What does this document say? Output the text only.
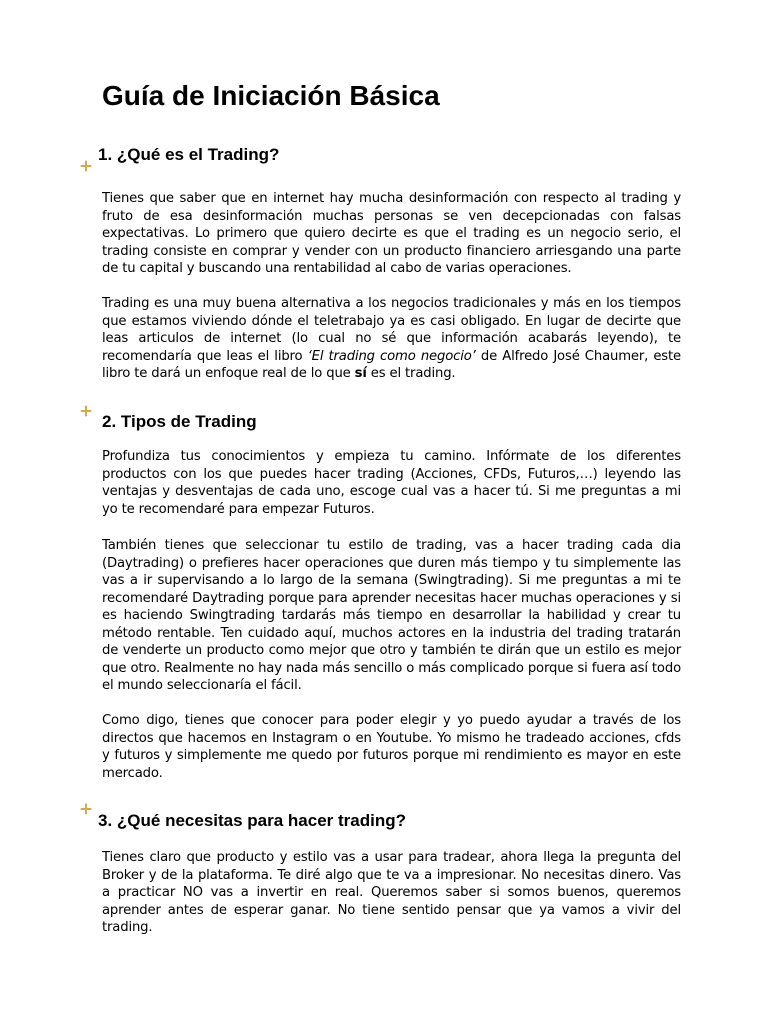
Guía de Iniciación Básica
1. ¿Qué es el Trading?

Tienes que saber que en internet hay mucha desinformación con respecto al trading y fruto de esa desinformación muchas personas se ven decepcionadas con falsas expectativas. Lo primero que quiero decirte es que el trading es un negocio serio, el trading consiste en comprar y vender con un producto financiero arriesgando una parte de tu capital y buscando una rentabilidad al cabo de varias operaciones.

Trading es una muy buena alternativa a los negocios tradicionales y más en los tiempos que estamos viviendo dónde el teletrabajo ya es casi obligado. En lugar de decirte que leas articulos de internet (lo cual no sé que información acabarás leyendo), te recomendaría que leas el libro ‘El trading como negocio’ de Alfredo José Chaumer, este libro te dará un enfoque real de lo que sí es el trading.

2. Tipos de Trading

Profundiza tus conocimientos y empieza tu camino. Infórmate de los diferentes productos con los que puedes hacer trading (Acciones, CFDs, Futuros,…) leyendo las ventajas y desventajas de cada uno, escoge cual vas a hacer tú. Si me preguntas a mi yo te recomendaré para empezar Futuros.

También tienes que seleccionar tu estilo de trading, vas a hacer trading cada dia (Daytrading) o prefieres hacer operaciones que duren más tiempo y tu simplemente las vas a ir supervisando a lo largo de la semana (Swingtrading). Si me preguntas a mi te recomendaré Daytrading porque para aprender necesitas hacer muchas operaciones y si es haciendo Swingtrading tardarás más tiempo en desarrollar la habilidad y crear tu método rentable. Ten cuidado aquí, muchos actores en la industria del trading tratarán de venderte un producto como mejor que otro y también te dirán que un estilo es mejor que otro. Realmente no hay nada más sencillo o más complicado porque si fuera así todo el mundo seleccionaría el fácil.

Como digo, tienes que conocer para poder elegir y yo puedo ayudar a través de los directos que hacemos en Instagram o en Youtube. Yo mismo he tradeado acciones, cfds y futuros y simplemente me quedo por futuros porque mi rendimiento es mayor en este mercado.

3. ¿Qué necesitas para hacer trading?

Tienes claro que producto y estilo vas a usar para tradear, ahora llega la pregunta del Broker y de la plataforma. Te diré algo que te va a impresionar. No necesitas dinero. Vas a practicar NO vas a invertir en real. Queremos saber si somos buenos, queremos aprender antes de esperar ganar. No tiene sentido pensar que ya vamos a vivir del trading.
